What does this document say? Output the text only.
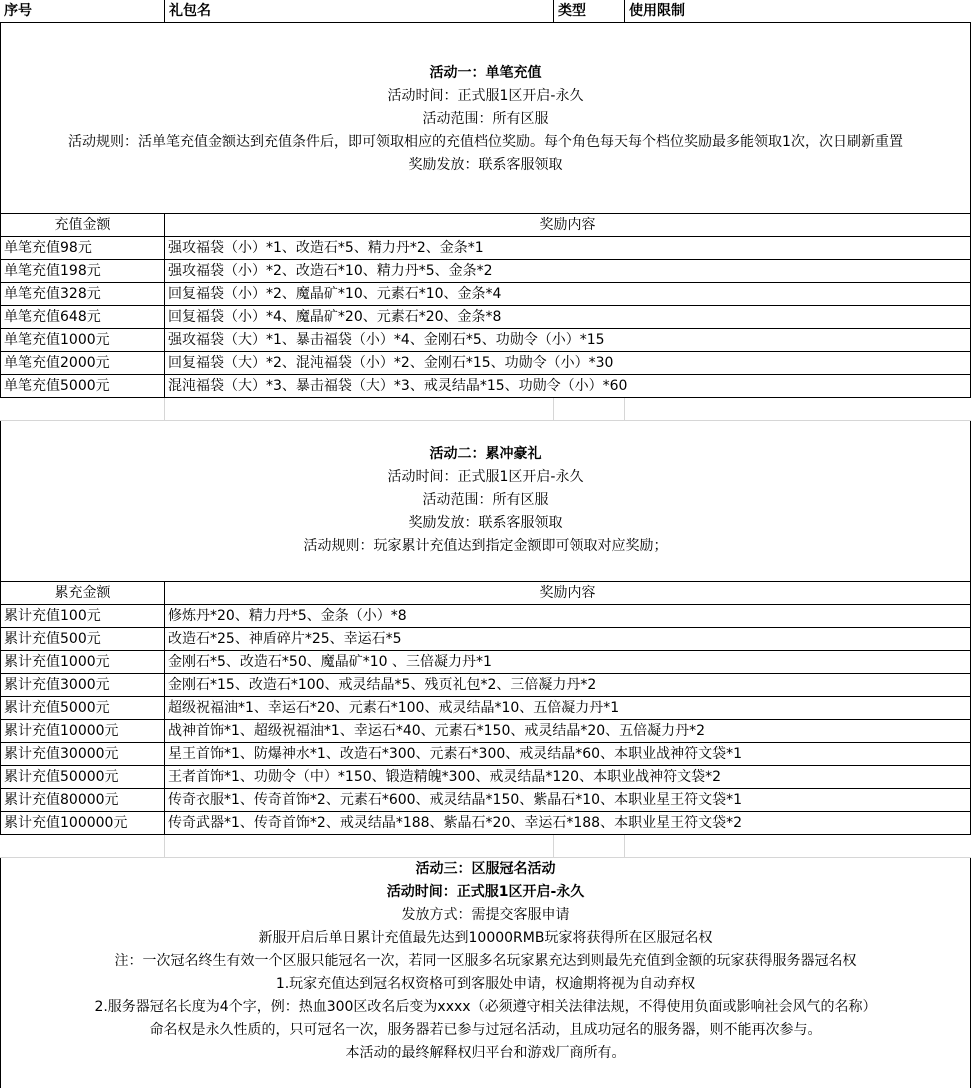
序号	礼包名	类型	使用限制
活动一：单笔充值
活动时间：正式服1区开启-永久
活动范围：所有区服
活动规则：活单笔充值金额达到充值条件后，即可领取相应的充值档位奖励。每个角色每天每个档位奖励最多能领取1次，次日刷新重置
奖励发放：联系客服领取
充值金额	奖励内容
单笔充值98元	强攻福袋（小）*1、改造石*5、精力丹*2、金条*1
单笔充值198元	强攻福袋（小）*2、改造石*10、精力丹*5、金条*2
单笔充值328元	回复福袋（小）*2、魔晶矿*10、元素石*10、金条*4
单笔充值648元	回复福袋（小）*4、魔晶矿*20、元素石*20、金条*8
单笔充值1000元	强攻福袋（大）*1、暴击福袋（小）*4、金刚石*5、功勋令（小）*15
单笔充值2000元	回复福袋（大）*2、混沌福袋（小）*2、金刚石*15、功勋令（小）*30
单笔充值5000元	混沌福袋（大）*3、暴击福袋（大）*3、戒灵结晶*15、功勋令（小）*60
活动二：累冲豪礼
活动时间：正式服1区开启-永久
活动范围：所有区服
奖励发放：联系客服领取
活动规则：玩家累计充值达到指定金额即可领取对应奖励；
累充金额	奖励内容
累计充值100元	修炼丹*20、精力丹*5、金条（小）*8
累计充值500元	改造石*25、神盾碎片*25、幸运石*5
累计充值1000元	金刚石*5、改造石*50、魔晶矿*10 、三倍凝力丹*1
累计充值3000元	金刚石*15、改造石*100、戒灵结晶*5、残页礼包*2、三倍凝力丹*2
累计充值5000元	超级祝福油*1、幸运石*20、元素石*100、戒灵结晶*10、五倍凝力丹*1
累计充值10000元	战神首饰*1、超级祝福油*1、幸运石*40、元素石*150、戒灵结晶*20、五倍凝力丹*2
累计充值30000元	星王首饰*1、防爆神水*1、改造石*300、元素石*300、戒灵结晶*60、本职业战神符文袋*1
累计充值50000元	王者首饰*1、功勋令（中）*150、锻造精魄*300、戒灵结晶*120、本职业战神符文袋*2
累计充值80000元	传奇衣服*1、传奇首饰*2、元素石*600、戒灵结晶*150、紫晶石*10、本职业星王符文袋*1
累计充值100000元	传奇武器*1、传奇首饰*2、戒灵结晶*188、紫晶石*20、幸运石*188、本职业星王符文袋*2
活动三：区服冠名活动
活动时间：正式服1区开启-永久
发放方式：需提交客服申请
新服开启后单日累计充值最先达到10000RMB玩家将获得所在区服冠名权
注：一次冠名终生有效一个区服只能冠名一次，若同一区服多名玩家累充达到则最先充值到金额的玩家获得服务器冠名权
1.玩家充值达到冠名权资格可到客服处申请，权逾期将视为自动弃权
2.服务器冠名长度为4个字，例：热血300区改名后变为xxxx（必须遵守相关法律法规，不得使用负面或影响社会风气的名称）
命名权是永久性质的，只可冠名一次，服务器若已参与过冠名活动，且成功冠名的服务器，则不能再次参与。
本活动的最终解释权归平台和游戏厂商所有。
